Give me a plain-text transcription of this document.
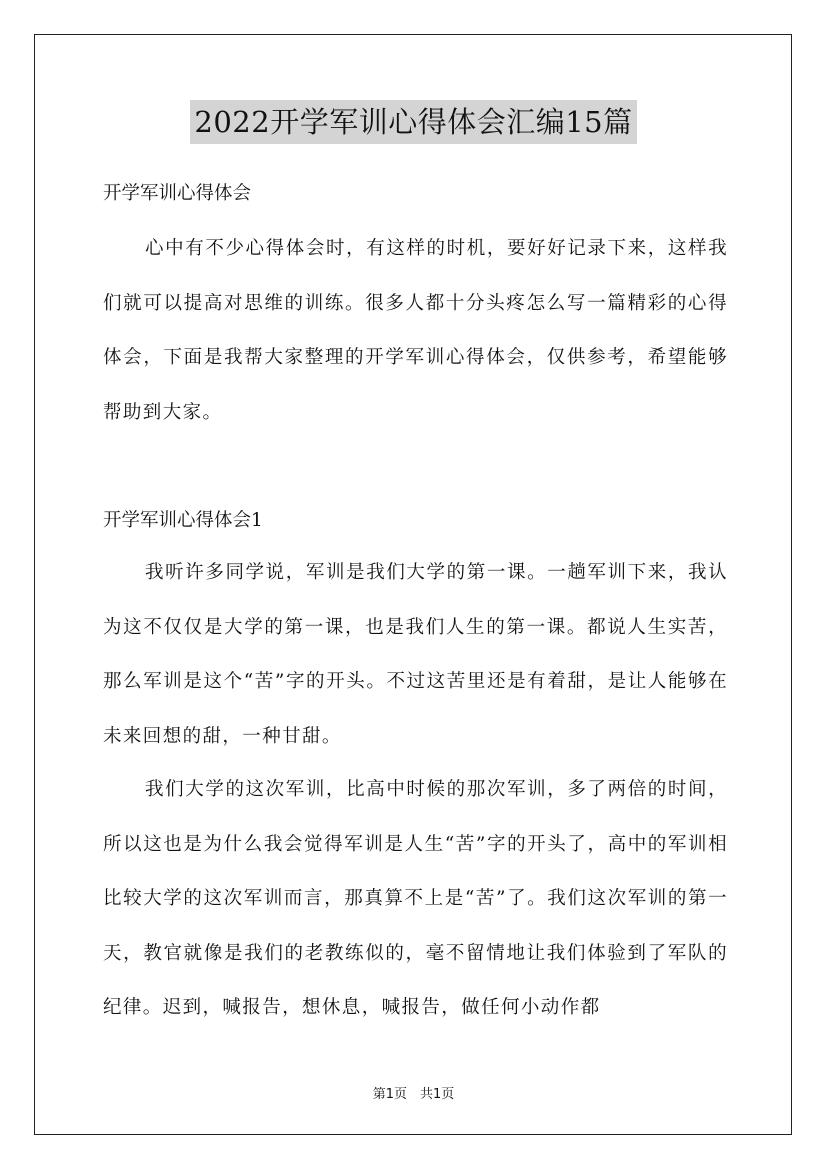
2022开学军训心得体会汇编15篇
开学军训心得体会

心中有不少心得体会时，有这样的时机，要好好记录下来，这样我们就可以提高对思维的训练。很多人都十分头疼怎么写一篇精彩的心得体会，下面是我帮大家整理的开学军训心得体会，仅供参考，希望能够帮助到大家。

开学军训心得体会1

我听许多同学说，军训是我们大学的第一课。一趟军训下来，我认为这不仅仅是大学的第一课，也是我们人生的第一课。都说人生实苦，那么军训是这个“苦”字的开头。不过这苦里还是有着甜，是让人能够在未来回想的甜，一种甘甜。

我们大学的这次军训，比高中时候的那次军训，多了两倍的时间，所以这也是为什么我会觉得军训是人生“苦”字的开头了，高中的军训相比较大学的这次军训而言，那真算不上是“苦”了。我们这次军训的第一天，教官就像是我们的老教练似的，毫不留情地让我们体验到了军队的纪律。迟到，喊报告，想休息，喊报告，做任何小动作都

第1页　共1页
